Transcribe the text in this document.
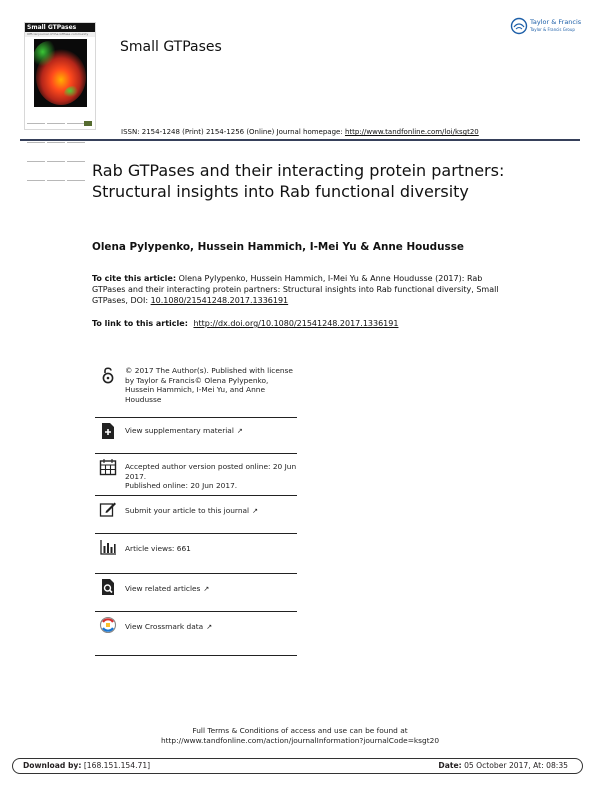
Small GTPases
Official journal of the GTPase community
Small GTPases
Taylor & Francis
Taylor & Francis Group
ISSN: 2154-1248 (Print) 2154-1256 (Online) Journal homepage: http://www.tandfonline.com/loi/ksgt20
Rab GTPases and their interacting protein partners: Structural insights into Rab functional diversity
Olena Pylypenko, Hussein Hammich, I-Mei Yu & Anne Houdusse
To cite this article: Olena Pylypenko, Hussein Hammich, I-Mei Yu & Anne Houdusse (2017): Rab GTPases and their interacting protein partners: Structural insights into Rab functional diversity, Small GTPases, DOI: 10.1080/21541248.2017.1336191
To link to this article: http://dx.doi.org/10.1080/21541248.2017.1336191
© 2017 The Author(s). Published with license by Taylor & Francis© Olena Pylypenko, Hussein Hammich, I-Mei Yu, and Anne Houdusse
View supplementary material ↗
Accepted author version posted online: 20 Jun 2017.
Published online: 20 Jun 2017.
Submit your article to this journal ↗
Article views: 661
View related articles ↗
View Crossmark data ↗
Full Terms & Conditions of access and use can be found at
http://www.tandfonline.com/action/journalInformation?journalCode=ksgt20
Download by: [168.151.154.71]	Date: 05 October 2017, At: 08:35
